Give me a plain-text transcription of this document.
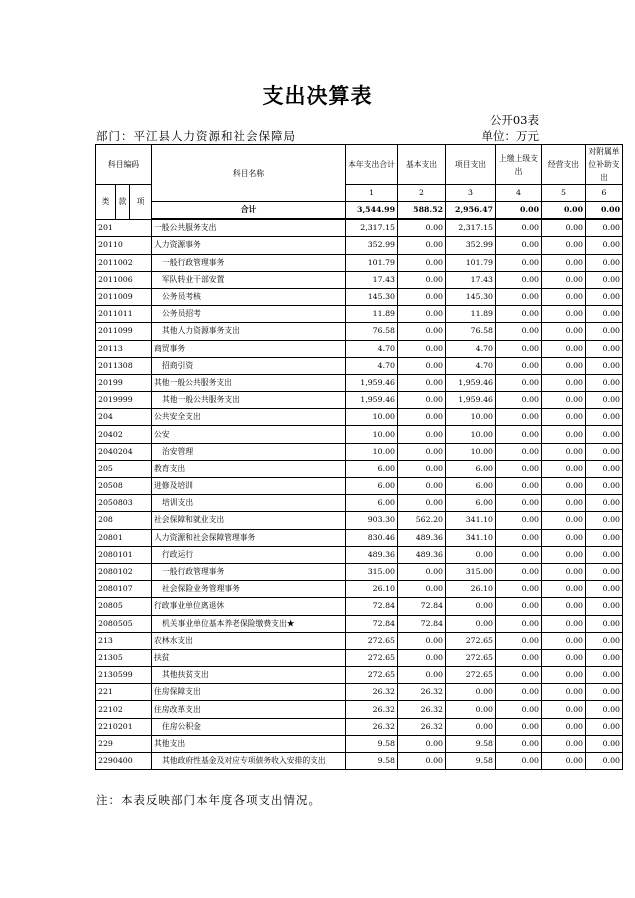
支出决算表
公开03表
部门：平江县人力资源和社会保障局	单位：万元
科目编码			科目名称	本年支出合计	基本支出	项目支出	上缴上级支出	经营支出	对附属单位补助支出
类	款	项		1	2	3	4	5	6
			合计	3,544.99	588.52	2,956.47	0.00	0.00	0.00
201			一般公共服务支出	2,317.15	0.00	2,317.15	0.00	0.00	0.00
20110			人力资源事务	352.99	0.00	352.99	0.00	0.00	0.00
2011002			一般行政管理事务	101.79	0.00	101.79	0.00	0.00	0.00
2011006			军队转业干部安置	17.43	0.00	17.43	0.00	0.00	0.00
2011009			公务员考核	145.30	0.00	145.30	0.00	0.00	0.00
2011011			公务员招考	11.89	0.00	11.89	0.00	0.00	0.00
2011099			其他人力资源事务支出	76.58	0.00	76.58	0.00	0.00	0.00
20113			商贸事务	4.70	0.00	4.70	0.00	0.00	0.00
2011308			招商引资	4.70	0.00	4.70	0.00	0.00	0.00
20199			其他一般公共服务支出	1,959.46	0.00	1,959.46	0.00	0.00	0.00
2019999			其他一般公共服务支出	1,959.46	0.00	1,959.46	0.00	0.00	0.00
204			公共安全支出	10.00	0.00	10.00	0.00	0.00	0.00
20402			公安	10.00	0.00	10.00	0.00	0.00	0.00
2040204			治安管理	10.00	0.00	10.00	0.00	0.00	0.00
205			教育支出	6.00	0.00	6.00	0.00	0.00	0.00
20508			进修及培训	6.00	0.00	6.00	0.00	0.00	0.00
2050803			培训支出	6.00	0.00	6.00	0.00	0.00	0.00
208			社会保障和就业支出	903.30	562.20	341.10	0.00	0.00	0.00
20801			人力资源和社会保障管理事务	830.46	489.36	341.10	0.00	0.00	0.00
2080101			行政运行	489.36	489.36	0.00	0.00	0.00	0.00
2080102			一般行政管理事务	315.00	0.00	315.00	0.00	0.00	0.00
2080107			社会保险业务管理事务	26.10	0.00	26.10	0.00	0.00	0.00
20805			行政事业单位离退休	72.84	72.84	0.00	0.00	0.00	0.00
2080505			机关事业单位基本养老保险缴费支出★	72.84	72.84	0.00	0.00	0.00	0.00
213			农林水支出	272.65	0.00	272.65	0.00	0.00	0.00
21305			扶贫	272.65	0.00	272.65	0.00	0.00	0.00
2130599			其他扶贫支出	272.65	0.00	272.65	0.00	0.00	0.00
221			住房保障支出	26.32	26.32	0.00	0.00	0.00	0.00
22102			住房改革支出	26.32	26.32	0.00	0.00	0.00	0.00
2210201			住房公积金	26.32	26.32	0.00	0.00	0.00	0.00
229			其他支出	9.58	0.00	9.58	0.00	0.00	0.00
2290400			其他政府性基金及对应专项债务收入安排的支出	9.58	0.00	9.58	0.00	0.00	0.00
注：本表反映部门本年度各项支出情况。
